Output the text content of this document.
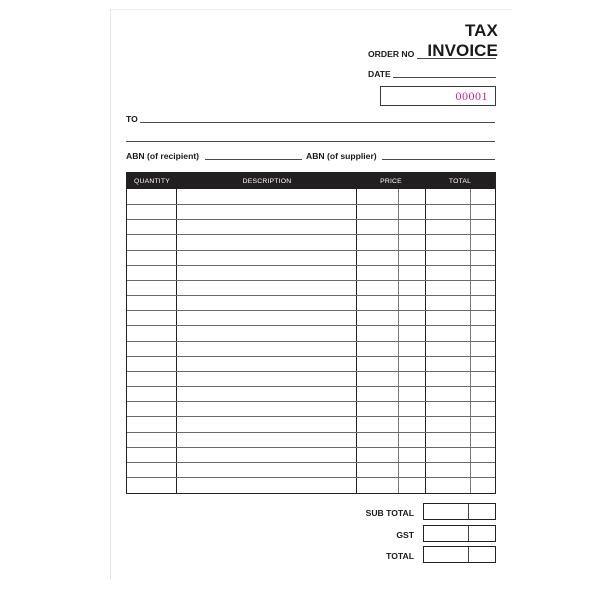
TAX INVOICE
ORDER NO
DATE
00001
TO
ABN (of recipient)	ABN (of supplier)
QUANTITY	DESCRIPTION	PRICE	TOTAL
SUB TOTAL
GST
TOTAL
